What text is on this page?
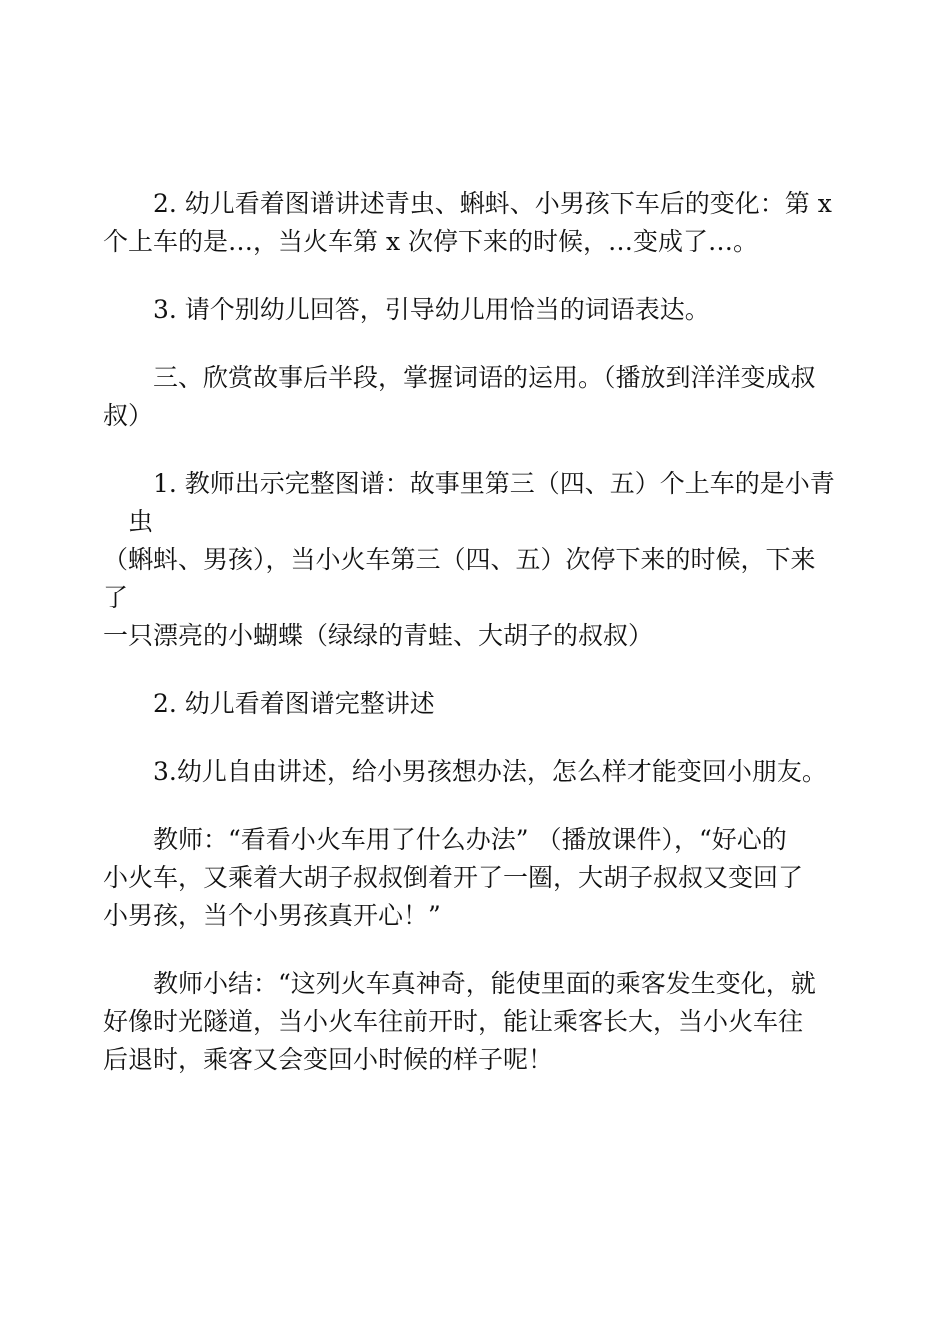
2. 幼儿看着图谱讲述青虫、蝌蚪、小男孩下车后的变化：第 x
个上车的是…，当火车第 x 次停下来的时候，…变成了…。

3. 请个别幼儿回答，引导幼儿用恰当的词语表达。

三、欣赏故事后半段，掌握词语的运用。（播放到洋洋变成叔
叔）

1. 教师出示完整图谱：故事里第三（四、五）个上车的是小青虫
（蝌蚪、男孩），当小火车第三（四、五）次停下来的时候，下来了
一只漂亮的小蝴蝶（绿绿的青蛙、大胡子的叔叔）

2. 幼儿看着图谱完整讲述

3.幼儿自由讲述，给小男孩想办法，怎么样才能变回小朋友。

教师：“看看小火车用了什么办法” （播放课件），“好心的
小火车，又乘着大胡子叔叔倒着开了一圈，大胡子叔叔又变回了
小男孩，当个小男孩真开心！”

教师小结：“这列火车真神奇，能使里面的乘客发生变化，就
好像时光隧道，当小火车往前开时，能让乘客长大，当小火车往
后退时，乘客又会变回小时候的样子呢！
